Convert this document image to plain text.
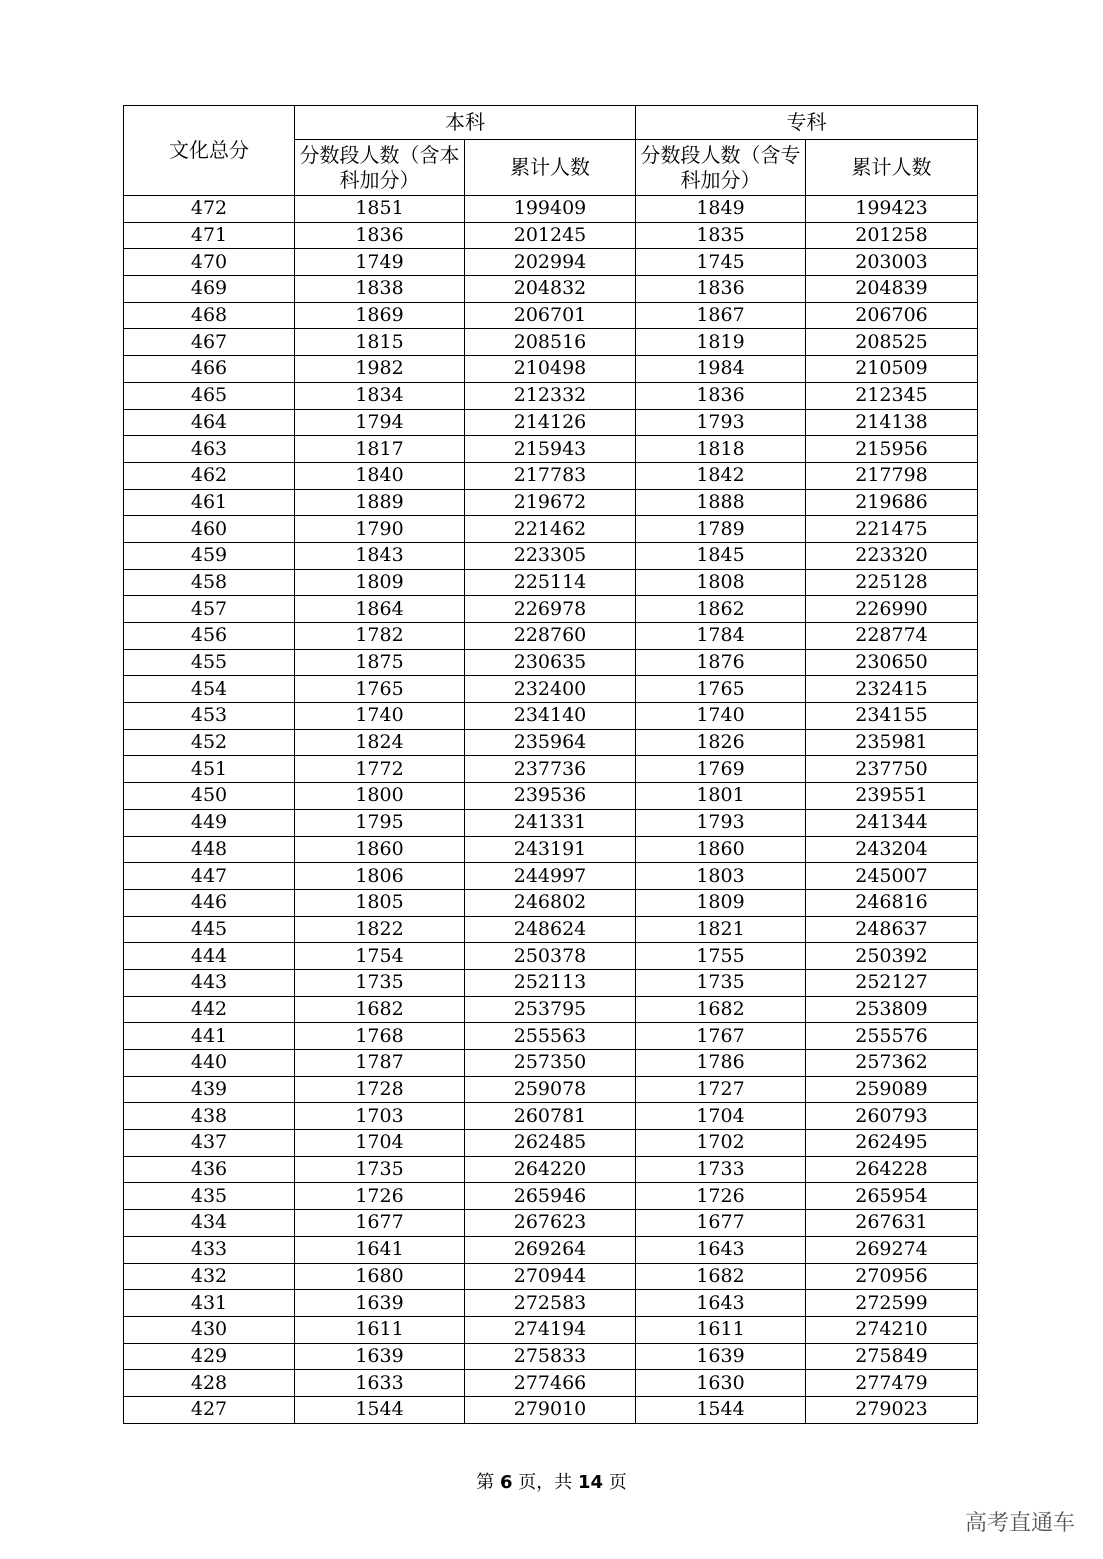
文化总分	本科		专科	
	分数段人数（含本科加分）	累计人数	分数段人数（含专科加分）	累计人数
472	1851	199409	1849	199423
471	1836	201245	1835	201258
470	1749	202994	1745	203003
469	1838	204832	1836	204839
468	1869	206701	1867	206706
467	1815	208516	1819	208525
466	1982	210498	1984	210509
465	1834	212332	1836	212345
464	1794	214126	1793	214138
463	1817	215943	1818	215956
462	1840	217783	1842	217798
461	1889	219672	1888	219686
460	1790	221462	1789	221475
459	1843	223305	1845	223320
458	1809	225114	1808	225128
457	1864	226978	1862	226990
456	1782	228760	1784	228774
455	1875	230635	1876	230650
454	1765	232400	1765	232415
453	1740	234140	1740	234155
452	1824	235964	1826	235981
451	1772	237736	1769	237750
450	1800	239536	1801	239551
449	1795	241331	1793	241344
448	1860	243191	1860	243204
447	1806	244997	1803	245007
446	1805	246802	1809	246816
445	1822	248624	1821	248637
444	1754	250378	1755	250392
443	1735	252113	1735	252127
442	1682	253795	1682	253809
441	1768	255563	1767	255576
440	1787	257350	1786	257362
439	1728	259078	1727	259089
438	1703	260781	1704	260793
437	1704	262485	1702	262495
436	1735	264220	1733	264228
435	1726	265946	1726	265954
434	1677	267623	1677	267631
433	1641	269264	1643	269274
432	1680	270944	1682	270956
431	1639	272583	1643	272599
430	1611	274194	1611	274210
429	1639	275833	1639	275849
428	1633	277466	1630	277479
427	1544	279010	1544	279023
第 6 页，共 14 页
高考直通车
